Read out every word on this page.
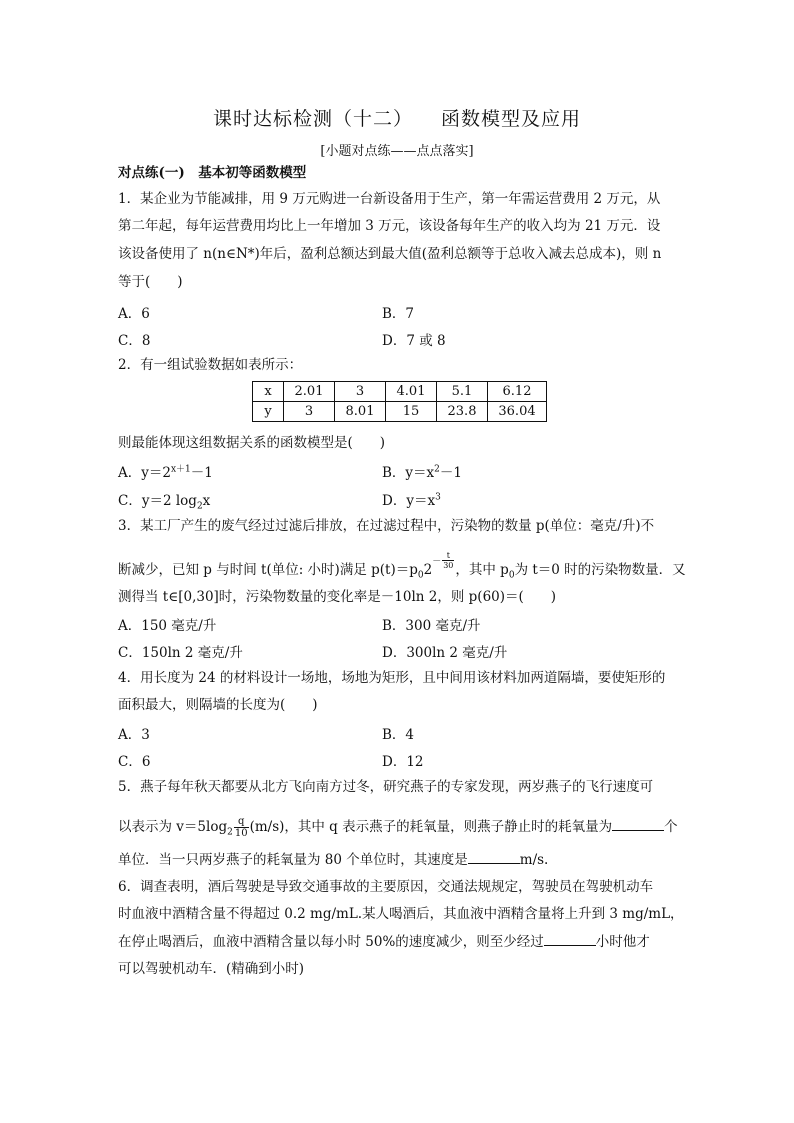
课时达标检测（十二） 函数模型及应用
[小题对点练——点点落实]
对点练(一)　基本初等函数模型
1．某企业为节能减排，用 9 万元购进一台新设备用于生产，第一年需运营费用 2 万元，从
第二年起，每年运营费用均比上一年增加 3 万元，该设备每年生产的收入均为 21 万元．设
该设备使用了 n(n∈N*)年后，盈利总额达到最大值(盈利总额等于总收入减去总成本)，则 n
等于(　　)
A．6	B．7
C．8	D．7 或 8
2．有一组试验数据如表所示：
x	2.01	3	4.01	5.1	6.12
y	3	8.01	15	23.8	36.04
则最能体现这组数据关系的函数模型是(　　)
A．$y=2^{x+1}-1$	B．$y=x^2-1$
C．y＝2 $\log_2x$	D．$y=x^3$
3．某工厂产生的废气经过过滤后排放，在过滤过程中，污染物的数量 p(单位：毫克/升)不
断减少，已知 p 与时间 t(单位: 小时)满足 $p(t)=p_02^- \frac{t}{30}$ ，其中 $p_0$为 t＝0 时的污染物数量．又
测得当 t∈[0,30]时，污染物数量的变化率是－10ln 2，则 p(60)＝(　　)
A．150 毫克/升	B．300 毫克/升
C．150ln 2 毫克/升	D．300ln 2 毫克/升
4．用长度为 24 的材料设计一场地，场地为矩形，且中间用该材料加两道隔墙，要使矩形的
面积最大，则隔墙的长度为(　　)
A．3	B．4
C．6	D．12
5．燕子每年秋天都要从北方飞向南方过冬，研究燕子的专家发现，两岁燕子的飞行速度可
以表示为 $v=5\log_2 \frac{q}{10} (m/s)$，其中 q 表示燕子的耗氧量，则燕子静止时的耗氧量为	个
单位．当一只两岁燕子的耗氧量为 80 个单位时，其速度是	m/s.
6．调查表明，酒后驾驶是导致交通事故的主要原因，交通法规规定，驾驶员在驾驶机动车
时血液中酒精含量不得超过 0.2 mg/mL.某人喝酒后，其血液中酒精含量将上升到 3 mg/mL，
在停止喝酒后，血液中酒精含量以每小时 50%的速度减少，则至少经过	小时他才
可以驾驶机动车．(精确到小时)
